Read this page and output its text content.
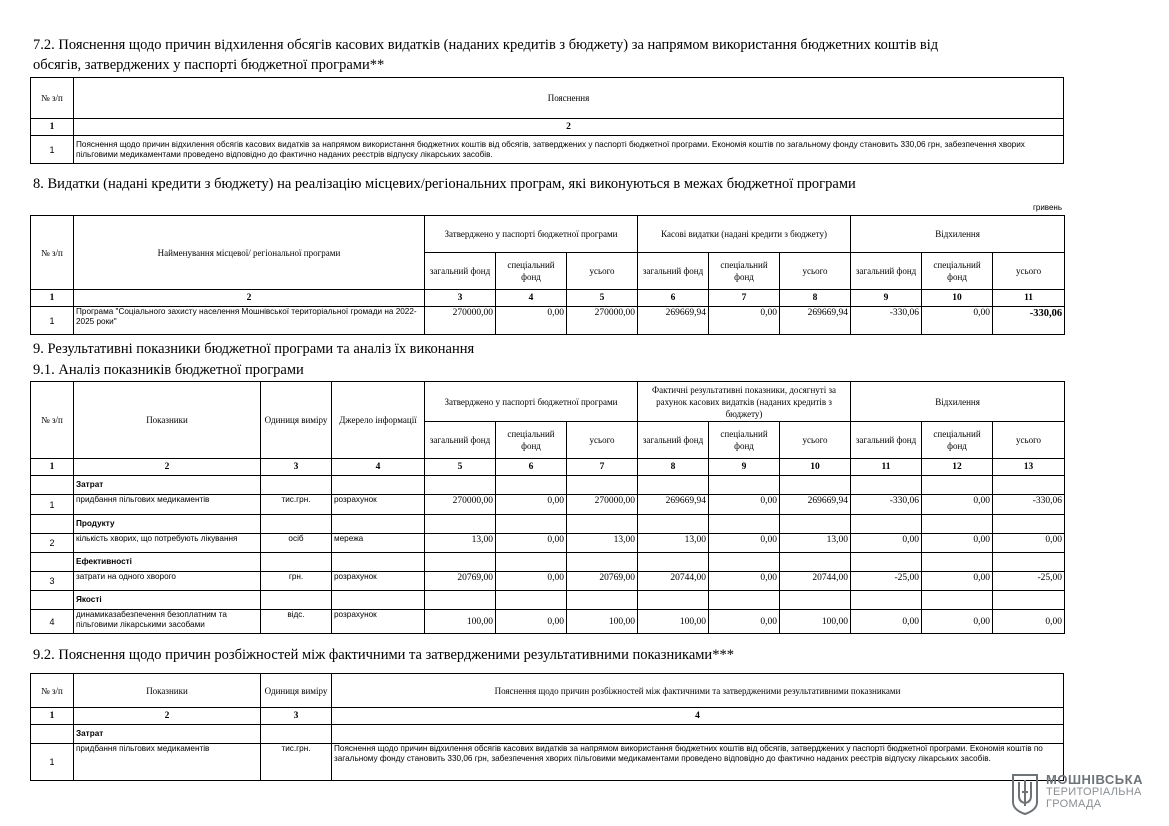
7.2. Пояснення щодо причин відхилення обсягів касових видатків (наданих кредитів з бюджету) за напрямом використання бюджетних коштів від
обсягів, затверджених у паспорті бюджетної програми**
№ з/п	Пояснення
1	2
1	Пояснення щодо причин відхилення обсягів касових видатків за напрямом використання бюджетних коштів від обсягів, затверджених у паспорті бюджетної програми. Економія коштів по загальному фонду становить 330,06 грн, забезпечення хворих пільговими медикаментами проведено відповідно до фактично наданих реєстрів відпуску лікарських засобів.
8. Видатки (надані кредити з бюджету) на реалізацію місцевих/регіональних програм, які виконуються в межах бюджетної програми
гривень
№ з/п	Найменування місцевої/ регіональної програми	Затверджено у паспорті бюджетної програми			Касові видатки (надані кредити з бюджету)			Відхилення		
		загальний фонд	спеціальний фонд	усього	загальний фонд	спеціальний фонд	усього	загальний фонд	спеціальний фонд	усього
1	2	3	4	5	6	7	8	9	10	11
1	Програма "Соціального захисту населення Мошнівської територіальної громади на 2022-2025 роки"	270000,00	0,00	270000,00	269669,94	0,00	269669,94	-330,06	0,00	-330,06
9. Результативні показники бюджетної програми та аналіз їх виконання
9.1. Аналіз показників бюджетної програми
№ з/п	Показники	Одиниця виміру	Джерело інформації	Затверджено у паспорті бюджетної програми			Фактичні результативні показники, досягнуті за рахунок касових видатків (наданих кредитів з бюджету)			Відхилення		
				загальний фонд	спеціальний фонд	усього	загальний фонд	спеціальний фонд	усього	загальний фонд	спеціальний фонд	усього
1	2	3	4	5	6	7	8	9	10	11	12	13
	Затрат											
1	придбання пільгових медикаментів	тис.грн.	розрахунок	270000,00	0,00	270000,00	269669,94	0,00	269669,94	-330,06	0,00	-330,06
	Продукту											
2	кількість хворих, що потребують лікування	осіб	мережа	13,00	0,00	13,00	13,00	0,00	13,00	0,00	0,00	0,00
	Ефективності											
3	затрати на одного хворого	грн.	розрахунок	20769,00	0,00	20769,00	20744,00	0,00	20744,00	-25,00	0,00	-25,00
	Якості											
4	динамиказабезпечення безоплатним та пільговими лікарськими засобами	відс.	розрахунок	100,00	0,00	100,00	100,00	0,00	100,00	0,00	0,00	0,00
9.2. Пояснення щодо причин розбіжностей між фактичними та затвердженими результативними показниками***
№ з/п	Показники	Одиниця виміру	Пояснення щодо причин розбіжностей між фактичними та затвердженими результативними показниками
1	2	3	4
	Затрат		
1	придбання пільгових медикаментів	тис.грн.	Пояснення щодо причин відхилення обсягів касових видатків за напрямом використання бюджетних коштів від обсягів, затверджених у паспорті бюджетної програми. Економія коштів по загальному фонду становить 330,06 грн, забезпечення хворих пільговими медикаментами проведено відповідно до фактично наданих реєстрів відпуску лікарських засобів.
МОШНІВСЬКА
ТЕРИТОРІАЛЬНА
ГРОМАДА
